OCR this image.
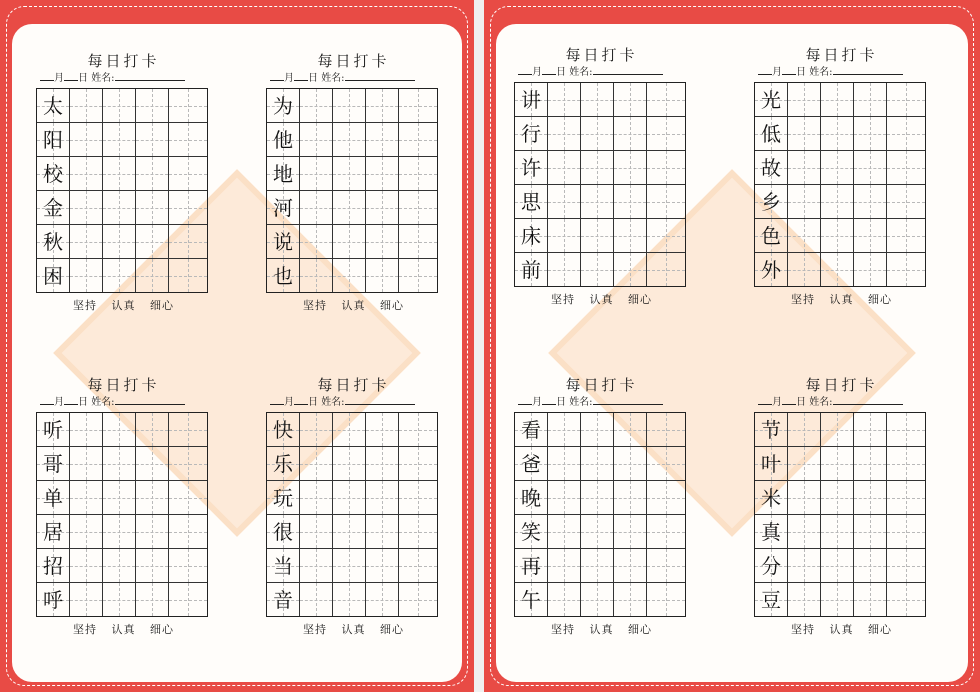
每日打卡
月 日 姓名:
太
阳
校
金
秋
困
坚持 认真 细心
每日打卡
月 日 姓名:
为
他
地
河
说
也
坚持 认真 细心
每日打卡
月 日 姓名:
听
哥
单
居
招
呼
坚持 认真 细心
每日打卡
月 日 姓名:
快
乐
玩
很
当
音
坚持 认真 细心
每日打卡
月 日 姓名:
讲
行
许
思
床
前
坚持 认真 细心
每日打卡
月 日 姓名:
光
低
故
乡
色
外
坚持 认真 细心
每日打卡
月 日 姓名:
看
爸
晚
笑
再
午
坚持 认真 细心
每日打卡
月 日 姓名:
节
叶
米
真
分
豆
坚持 认真 细心
